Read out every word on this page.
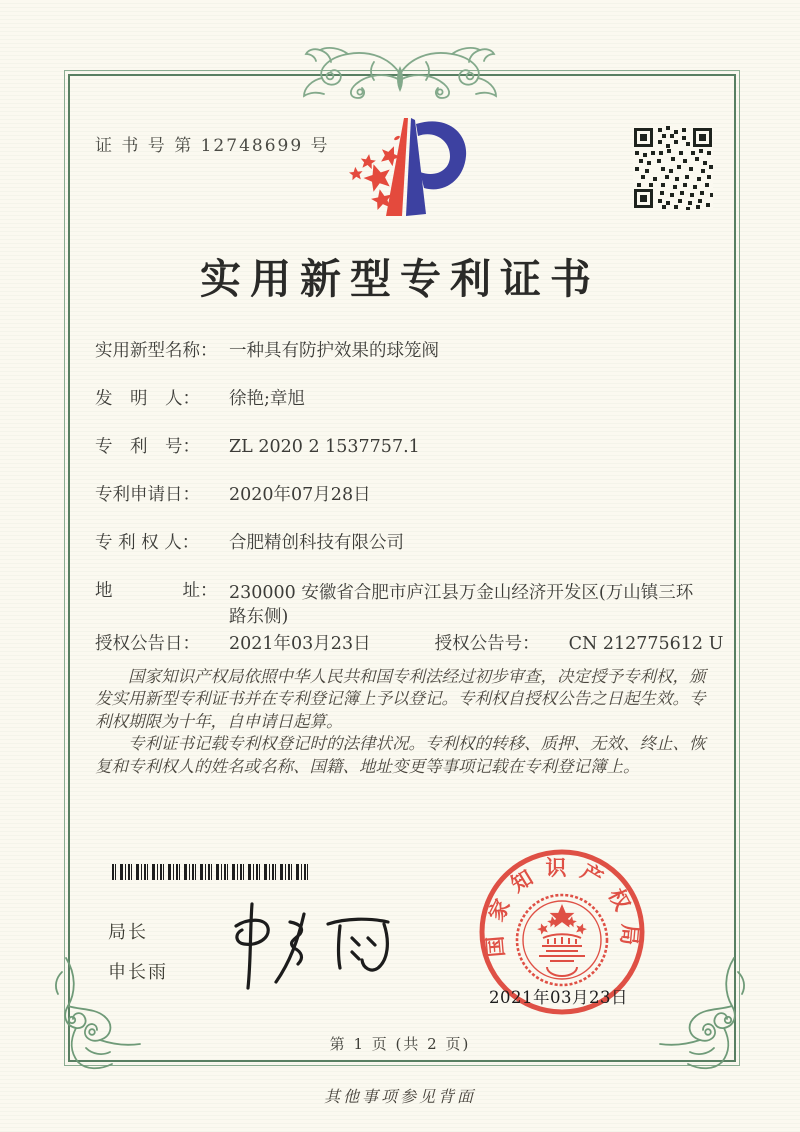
证 书 号 第 12748699 号
实用新型专利证书
实用新型名称： 一种具有防护效果的球笼阀
发　明　人： 徐艳;章旭
专　利　号： ZL 2020 2 1537757.1
专利申请日： 2020年07月28日
专 利 权 人： 合肥精创科技有限公司
地　　　　址： 230000 安徽省合肥市庐江县万金山经济开发区(万山镇三环路东侧)
授权公告日： 2021年03月23日	授权公告号： CN 212775612 U

国家知识产权局依照中华人民共和国专利法经过初步审查，决定授予专利权，颁发实用新型专利证书并在专利登记簿上予以登记。专利权自授权公告之日起生效。专利权期限为十年，自申请日起算。

专利证书记载专利权登记时的法律状况。专利权的转移、质押、无效、终止、恢复和专利权人的姓名或名称、国籍、地址变更等事项记载在专利登记簿上。

局长
申长雨
国家知识产权局
2021年03月23日
第 1 页 (共 2 页)
其他事项参见背面
